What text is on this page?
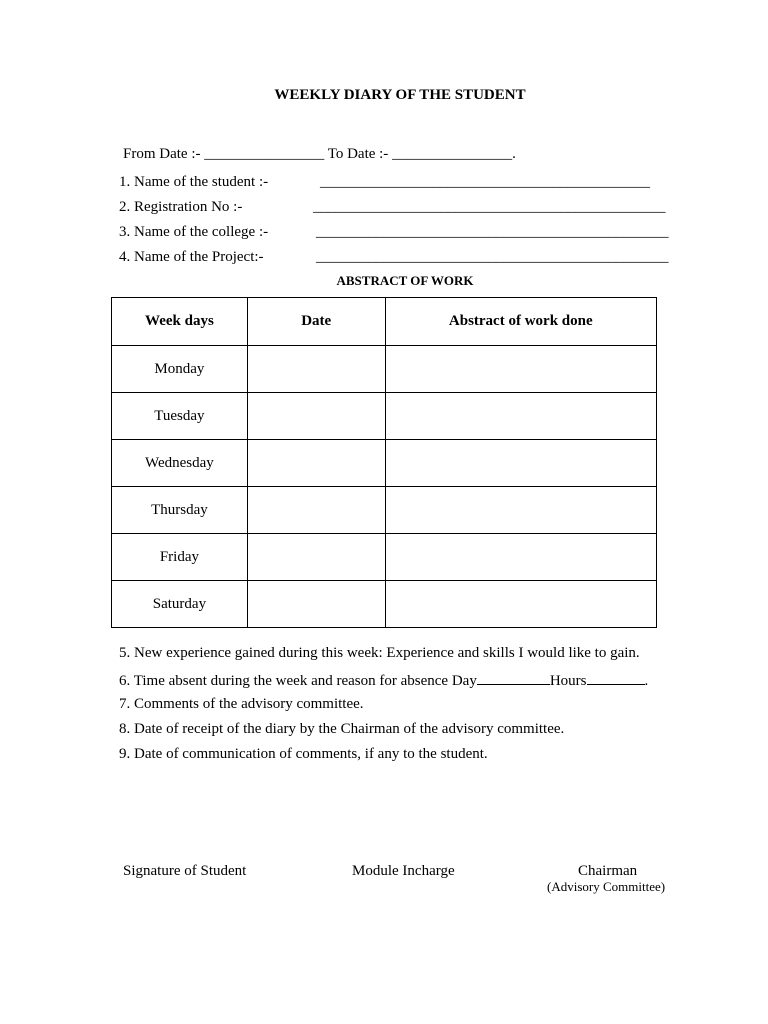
WEEKLY DIARY OF THE STUDENT
From Date :- ________________ To Date :- ________________.
1. Name of the student :-	____________________________________________
2. Registration No :-	_______________________________________________
3. Name of the college :-	_______________________________________________
4. Name of the Project:-	_______________________________________________
ABSTRACT OF WORK
Week days	Date	Abstract of work done
Monday		
Tuesday		
Wednesday		
Thursday		
Friday		
Saturday		
5. New experience gained during this week: Experience and skills I would like to gain.
6. Time absent during the week and reason for absence Day	Hours	.
7. Comments of the advisory committee.
8. Date of receipt of the diary by the Chairman of the advisory committee.
9. Date of communication of comments, if any to the student.
Signature of Student	Module Incharge	Chairman
(Advisory Committee)
